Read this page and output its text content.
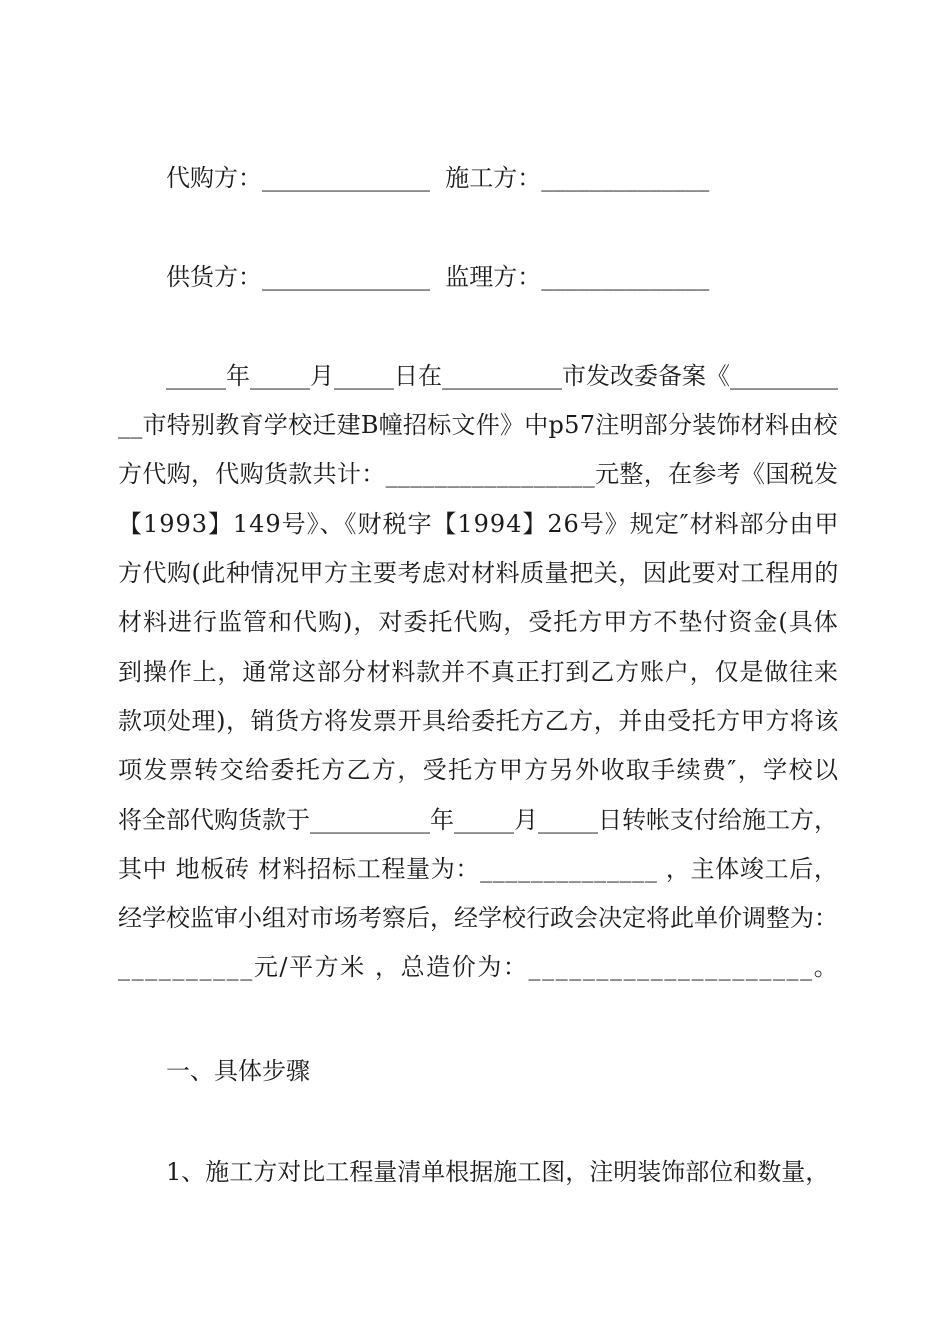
代购方：______________  施工方：______________
供货方：______________  监理方：______________
_____年_____月_____日在__________市发改委备案《_________
__市特别教育学校迁建B幢招标文件》中p57注明部分装饰材料由校
方代购，代购货款共计：_________________元整，在参考《国税发
【1993】149号》、《财税字【1994】26号》规定″材料部分由甲
方代购(此种情况甲方主要考虑对材料质量把关，因此要对工程用的
材料进行监管和代购)，对委托代购，受托方甲方不垫付资金(具体
到操作上，通常这部分材料款并不真正打到乙方账户，仅是做往来
款项处理)，销货方将发票开具给委托方乙方，并由受托方甲方将该
项发票转交给委托方乙方，受托方甲方另外收取手续费″，学校以
将全部代购货款于__________年_____月_____日转帐支付给施工方，
其中 地板砖 材料招标工程量为：______________ ，主体竣工后，
经学校监审小组对市场考察后，经学校行政会决定将此单价调整为：
__________元/平方米 ，总造价为：_____________________。
一、具体步骤
1、施工方对比工程量清单根据施工图，注明装饰部位和数量，
